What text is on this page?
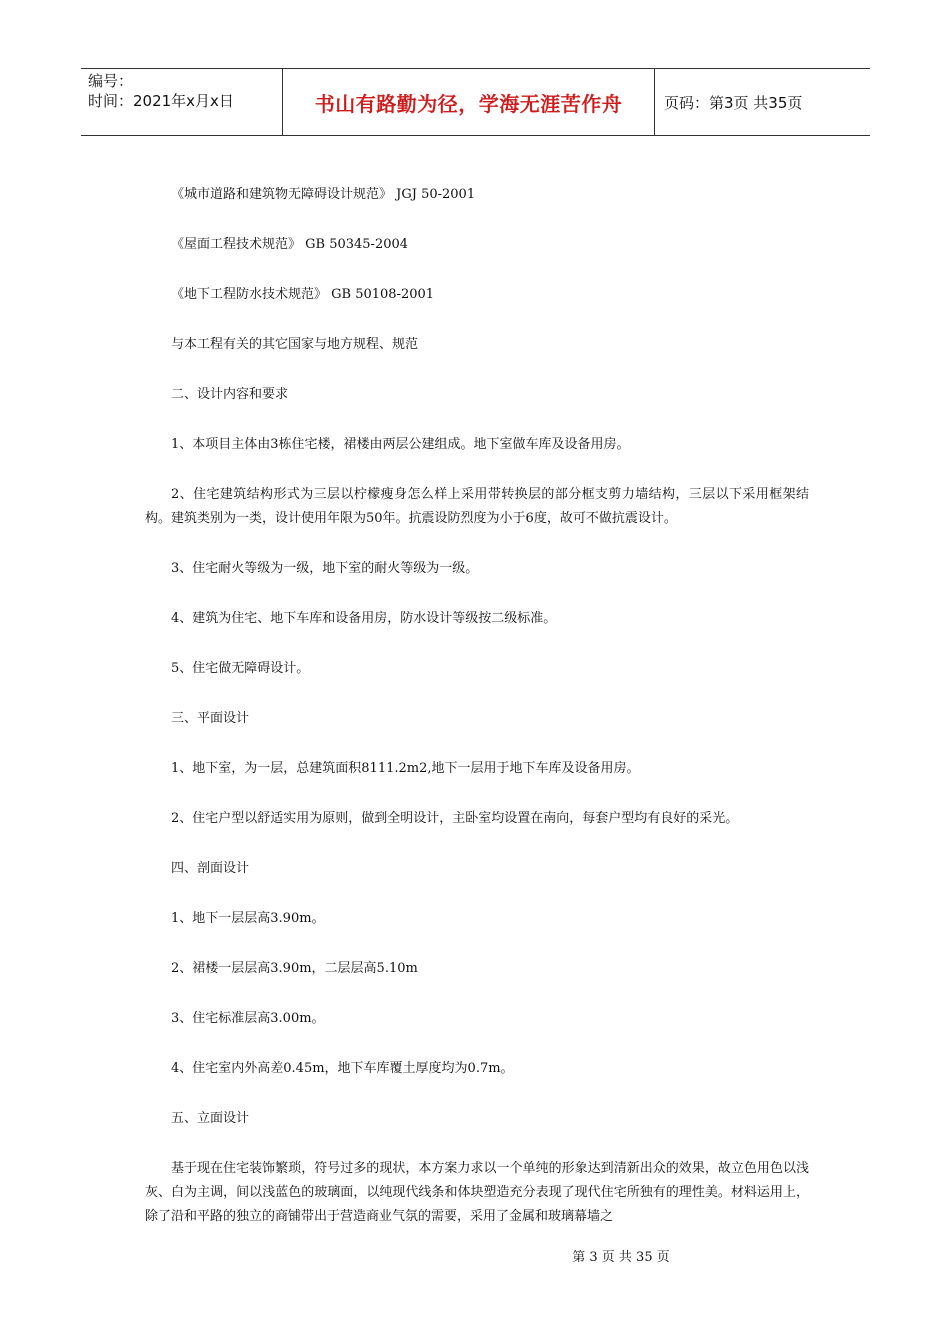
编号：
时间：2021年x月x日	书山有路勤为径，学海无涯苦作舟	页码：第3页 共35页

《城市道路和建筑物无障碍设计规范》 JGJ 50-2001

《屋面工程技术规范》 GB 50345-2004

《地下工程防水技术规范》 GB 50108-2001

与本工程有关的其它国家与地方规程、规范

二、设计内容和要求

1、本项目主体由3栋住宅楼，裙楼由两层公建组成。地下室做车库及设备用房。

2、住宅建筑结构形式为三层以柠檬瘦身怎么样上采用带转换层的部分框支剪力墙结构，三层以下采用框架结构。建筑类别为一类，设计使用年限为50年。抗震设防烈度为小于6度，故可不做抗震设计。

3、住宅耐火等级为一级，地下室的耐火等级为一级。

4、建筑为住宅、地下车库和设备用房，防水设计等级按二级标准。

5、住宅做无障碍设计。

三、平面设计

1、地下室，为一层，总建筑面积8111.2m2,地下一层用于地下车库及设备用房。

2、住宅户型以舒适实用为原则，做到全明设计，主卧室均设置在南向，每套户型均有良好的采光。

四、剖面设计

1、地下一层层高3.90m。

2、裙楼一层层高3.90m，二层层高5.10m

3、住宅标准层高3.00m。

4、住宅室内外高差0.45m，地下车库覆土厚度均为0.7m。

五、立面设计

基于现在住宅装饰繁琐，符号过多的现状，本方案力求以一个单纯的形象达到清新出众的效果，故立色用色以浅灰、白为主调，间以浅蓝色的玻璃面，以纯现代线条和体块塑造充分表现了现代住宅所独有的理性美。材料运用上，除了沿和平路的独立的商铺带出于营造商业气氛的需要，采用了金属和玻璃幕墙之

第 3 页 共 35 页
